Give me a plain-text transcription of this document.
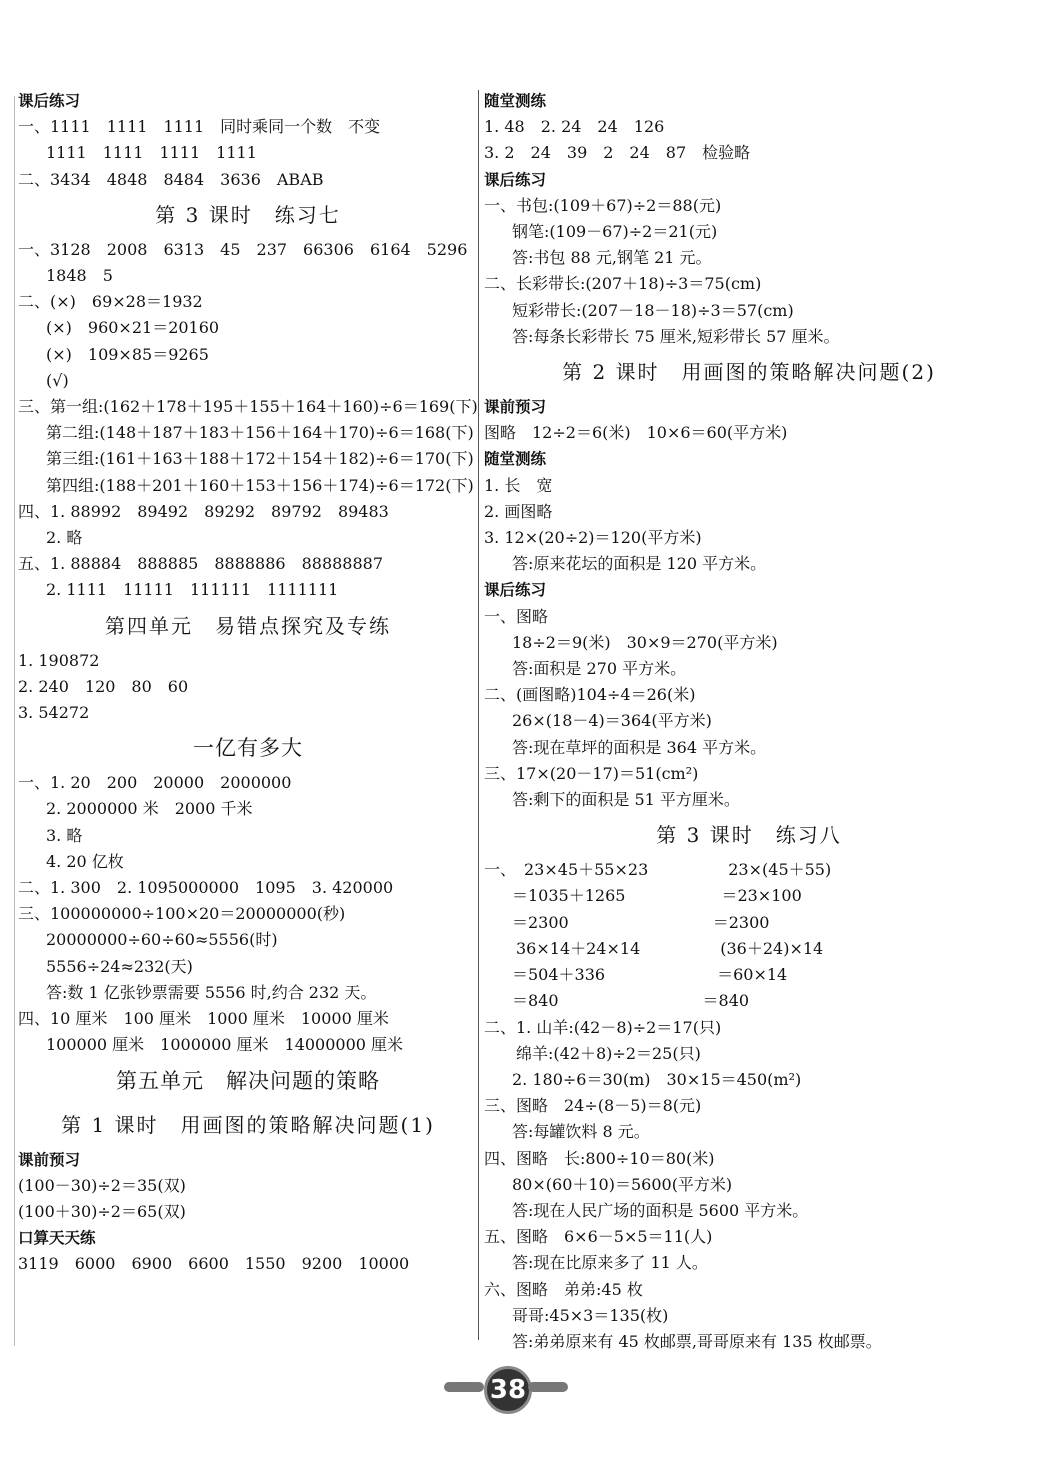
课后练习
一、1111　1111　1111　同时乘同一个数　不变
1111　1111　1111　1111
二、3434　4848　8484　3636　ABAB
第 3 课时　练习七
一、3128　2008　6313　45　237　66306　6164　5296
1848　5
二、(×)　69×28＝1932
(×)　960×21＝20160
(×)　109×85＝9265
(√)
三、第一组:(162＋178＋195＋155＋164＋160)÷6＝169(下)
第二组:(148＋187＋183＋156＋164＋170)÷6＝168(下)
第三组:(161＋163＋188＋172＋154＋182)÷6＝170(下)
第四组:(188＋201＋160＋153＋156＋174)÷6＝172(下)
四、1. 88992　89492　89292　89792　89483
2. 略
五、1. 88884　888885　8888886　88888887
2. 1111　11111　111111　1111111
第四单元　易错点探究及专练
1. 190872
2. 240　120　80　60
3. 54272
一亿有多大
一、1. 20　200　20000　2000000
2. 2000000 米　2000 千米
3. 略
4. 20 亿枚
二、1. 300　2. 1095000000　1095　3. 420000
三、100000000÷100×20＝20000000(秒)
20000000÷60÷60≈5556(时)
5556÷24≈232(天)
答:数 1 亿张钞票需要 5556 时,约合 232 天。
四、10 厘米　100 厘米　1000 厘米　10000 厘米
100000 厘米　1000000 厘米　14000000 厘米
第五单元　解决问题的策略
第 1 课时　用画图的策略解决问题(1)
课前预习
(100－30)÷2＝35(双)
(100＋30)÷2＝65(双)
口算天天练
3119　6000　6900　6600　1550　9200　10000
随堂测练
1. 48　2. 24　24　126
3. 2　24　39　2　24　87　检验略
课后练习
一、书包:(109＋67)÷2＝88(元)
钢笔:(109－67)÷2＝21(元)
答:书包 88 元,钢笔 21 元。
二、长彩带长:(207＋18)÷3＝75(cm)
短彩带长:(207－18－18)÷3＝57(cm)
答:每条长彩带长 75 厘米,短彩带长 57 厘米。
第 2 课时　用画图的策略解决问题(2)
课前预习
图略　12÷2＝6(米)　10×6＝60(平方米)
随堂测练
1. 长　宽
2. 画图略
3. 12×(20÷2)＝120(平方米)
答:原来花坛的面积是 120 平方米。
课后练习
一、图略
18÷2＝9(米)　30×9＝270(平方米)
答:面积是 270 平方米。
二、(画图略)104÷4＝26(米)
26×(18－4)＝364(平方米)
答:现在草坪的面积是 364 平方米。
三、17×(20－17)＝51(cm²)
答:剩下的面积是 51 平方厘米。
第 3 课时　练习八
一、　23×45＋55×23　　　　　23×(45＋55)
＝1035＋1265　　　　　　＝23×100
＝2300　　　　　　　　　＝2300
36×14＋24×14　　　　　(36＋24)×14
＝504＋336　　　　　　　＝60×14
＝840　　　　　　　　　＝840
二、1. 山羊:(42－8)÷2＝17(只)
绵羊:(42＋8)÷2＝25(只)
2. 180÷6＝30(m)　30×15＝450(m²)
三、图略　24÷(8－5)＝8(元)
答:每罐饮料 8 元。
四、图略　长:800÷10＝80(米)
80×(60＋10)＝5600(平方米)
答:现在人民广场的面积是 5600 平方米。
五、图略　6×6－5×5＝11(人)
答:现在比原来多了 11 人。
六、图略　弟弟:45 枚
哥哥:45×3＝135(枚)
答:弟弟原来有 45 枚邮票,哥哥原来有 135 枚邮票。
38
